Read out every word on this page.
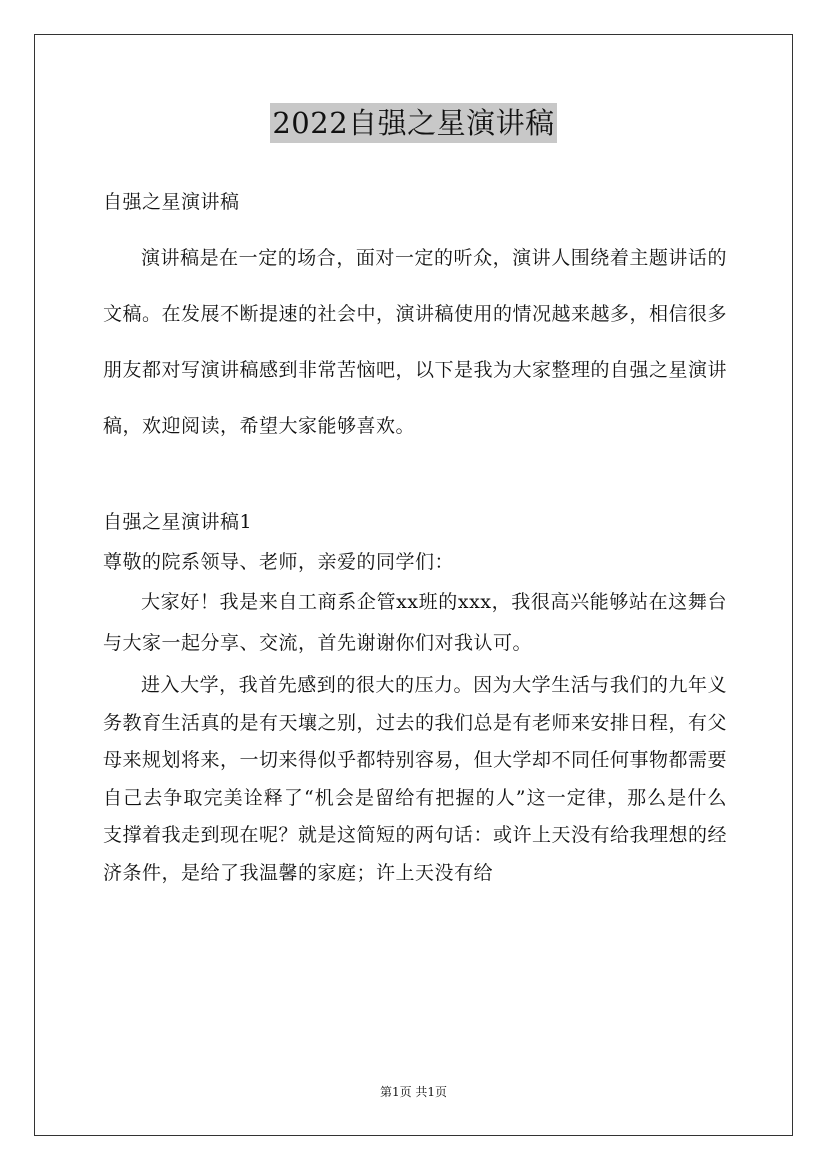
2022自强之星演讲稿

自强之星演讲稿

演讲稿是在一定的场合，面对一定的听众，演讲人围绕着主题讲话的文稿。在发展不断提速的社会中，演讲稿使用的情况越来越多，相信很多朋友都对写演讲稿感到非常苦恼吧，以下是我为大家整理的自强之星演讲稿，欢迎阅读，希望大家能够喜欢。

自强之星演讲稿1

尊敬的院系领导、老师，亲爱的同学们：

大家好！我是来自工商系企管xx班的xxx，我很高兴能够站在这舞台与大家一起分享、交流，首先谢谢你们对我认可。

进入大学，我首先感到的很大的压力。因为大学生活与我们的九年义务教育生活真的是有天壤之别，过去的我们总是有老师来安排日程，有父母来规划将来，一切来得似乎都特别容易，但大学却不同任何事物都需要自己去争取完美诠释了“机会是留给有把握的人”这一定律，那么是什么支撑着我走到现在呢？就是这简短的两句话：或许上天没有给我理想的经济条件，是给了我温馨的家庭；许上天没有给

第1页 共1页
